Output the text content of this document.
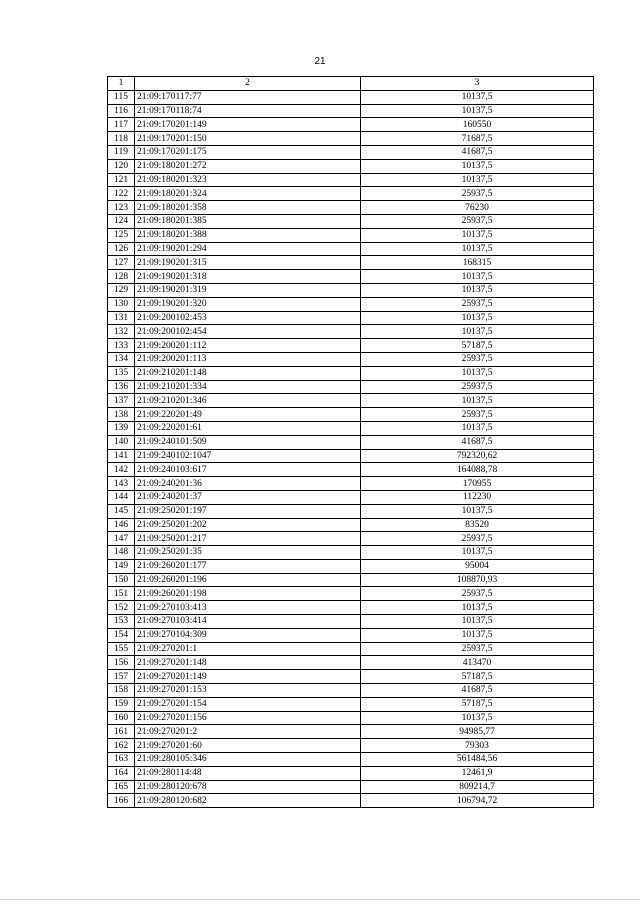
21
1	2	3
115	21:09:170117:77	10137,5
116	21:09:170118:74	10137,5
117	21:09:170201:149	160550
118	21:09:170201:150	71687,5
119	21:09:170201:175	41687,5
120	21:09:180201:272	10137,5
121	21:09:180201:323	10137,5
122	21:09:180201:324	25937,5
123	21:09:180201:358	76230
124	21:09:180201:385	25937,5
125	21:09:180201:388	10137,5
126	21:09:190201:294	10137,5
127	21:09:190201:315	168315
128	21:09:190201:318	10137,5
129	21:09:190201:319	10137,5
130	21:09:190201:320	25937,5
131	21:09:200102:453	10137,5
132	21:09:200102:454	10137,5
133	21:09:200201:112	57187,5
134	21:09:200201:113	25937,5
135	21:09:210201:148	10137,5
136	21:09:210201:334	25937,5
137	21:09:210201:346	10137,5
138	21:09:220201:49	25937,5
139	21:09:220201:61	10137,5
140	21:09:240101:509	41687,5
141	21:09:240102:1047	792320,62
142	21:09:240103:617	164088,78
143	21:09:240201:36	170955
144	21:09:240201:37	112230
145	21:09:250201:197	10137,5
146	21:09:250201:202	83520
147	21:09:250201:217	25937,5
148	21:09:250201:35	10137,5
149	21:09:260201:177	95004
150	21:09:260201:196	108870,93
151	21:09:260201:198	25937,5
152	21:09:270103:413	10137,5
153	21:09:270103:414	10137,5
154	21:09:270104:309	10137,5
155	21:09:270201:1	25937,5
156	21:09:270201:148	413470
157	21:09:270201:149	57187,5
158	21:09:270201:153	41687,5
159	21:09:270201:154	57187,5
160	21:09:270201:156	10137,5
161	21:09:270201:2	94985,77
162	21:09:270201:60	79303
163	21:09:280105:346	561484,56
164	21:09:280114:48	12461,9
165	21:09:280120:678	809214,7
166	21:09:280120:682	106794,72
